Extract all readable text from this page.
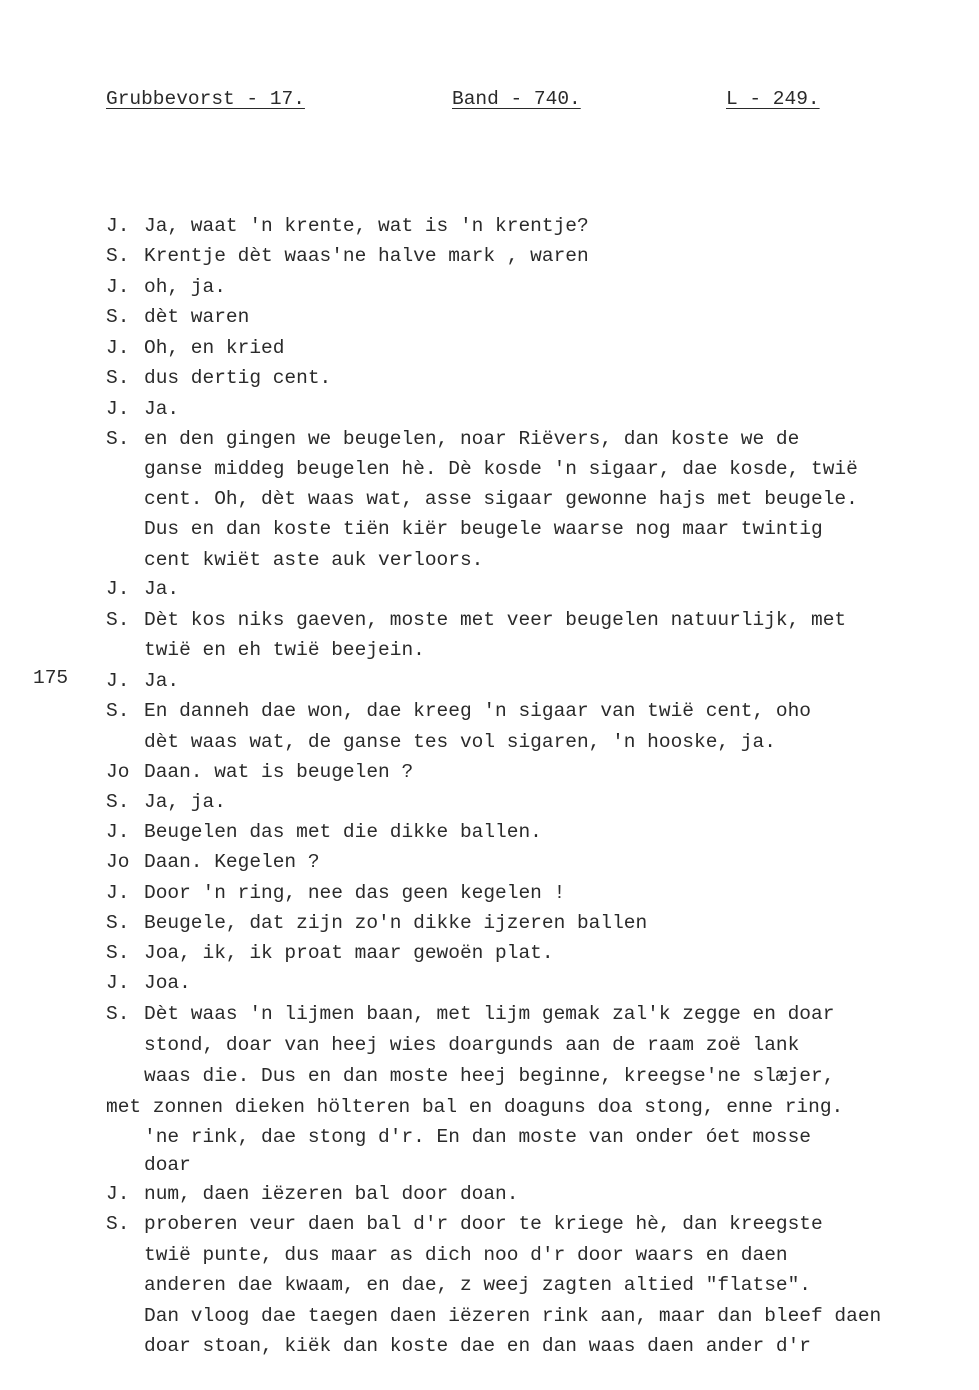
Grubbevorst - 17.	Band - 740.	L - 249.
175
J. Ja, waat 'n krente, wat is 'n krentje?
S. Krentje dèt waas'ne halve mark , waren
J. oh, ja.
S. dèt waren
J. Oh, en kried
S. dus dertig cent.
J. Ja.
S. en den gingen we beugelen, noar Riëvers, dan koste we de
ganse middeg beugelen hè. Dè kosde 'n sigaar, dae kosde, twië
cent. Oh, dèt waas wat, asse sigaar gewonne hajs met beugele.
Dus en dan koste tiën kiër beugele waarse nog maar twintig
cent kwiët aste auk verloors.
J. Ja.
S. Dèt kos niks gaeven, moste met veer beugelen natuurlijk, met
twië en eh twië beejein.
J. Ja.
S. En danneh dae won, dae kreeg 'n sigaar van twië cent, oho
dèt waas wat, de ganse tes vol sigaren, 'n hooske, ja.
Jo Daan. wat is beugelen ?
S. Ja, ja.
J. Beugelen das met die dikke ballen.
Jo Daan. Kegelen ?
J. Door 'n ring, nee das geen kegelen !
S. Beugele, dat zijn zo'n dikke ijzeren ballen
S. Joa, ik, ik proat maar gewoën plat.
J. Joa.
S. Dèt waas 'n lijmen baan, met lijm gemak zal'k zegge en doar
stond, doar van heej wies doargunds aan de raam zoë lank
waas die. Dus en dan moste heej beginne, kreegse'ne slæjer,
met zonnen dieken hölteren bal en doaguns doa stong, enne ring.
'ne rink, dae stong d'r. En dan moste van onder óet mosse
doar
J. num, daen iëzeren bal door doan.
S. proberen veur daen bal d'r door te kriege hè, dan kreegste
twië punte, dus maar as dich noo d'r door waars en daen
anderen dae kwaam, en dae, z weej zagten altied "flatse".
Dan vloog dae taegen daen iëzeren rink aan, maar dan bleef daen
doar stoan, kiëk dan koste dae en dan waas daen ander d'r
